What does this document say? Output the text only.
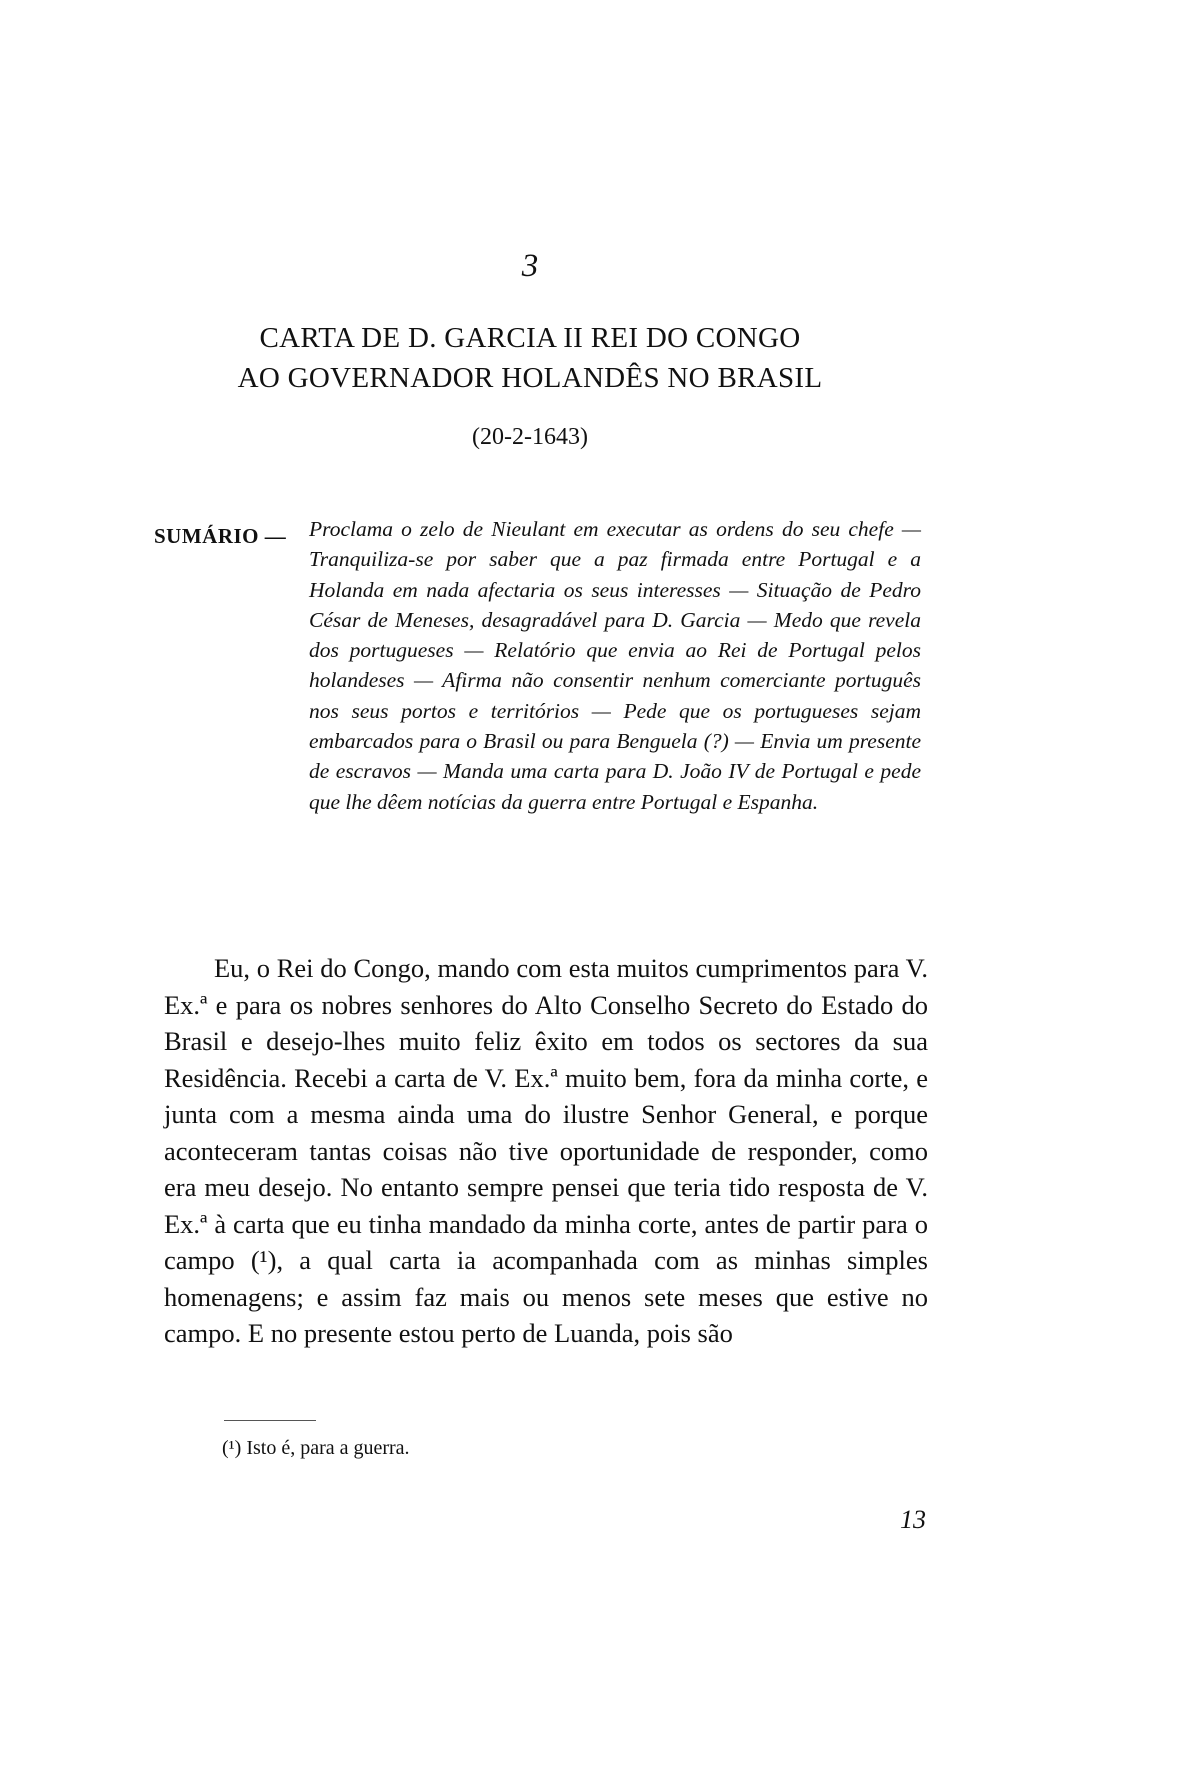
3
CARTA DE D. GARCIA II REI DO CONGO
AO GOVERNADOR HOLANDÊS NO BRASIL
(20-2-1643)
SUMÁRIO — Proclama o zelo de Nieulant em executar as ordens do seu chefe — Tranquiliza-se por saber que a paz firmada entre Portugal e a Holanda em nada afectaria os seus interesses — Situação de Pedro César de Meneses, desagradável para D. Garcia — Medo que revela dos portugueses — Relatório que envia ao Rei de Portugal pelos holandeses — Afirma não consentir nenhum comerciante português nos seus portos e territórios — Pede que os portugueses sejam embarcados para o Brasil ou para Benguela (?) — Envia um presente de escravos — Manda uma carta para D. João IV de Portugal e pede que lhe dêem notícias da guerra entre Portugal e Espanha.

Eu, o Rei do Congo, mando com esta muitos cumprimentos para V. Ex.ª e para os nobres senhores do Alto Conselho Secreto do Estado do Brasil e desejo-lhes muito feliz êxito em todos os sectores da sua Residência. Recebi a carta de V. Ex.ª muito bem, fora da minha corte, e junta com a mesma ainda uma do ilustre Senhor General, e porque aconteceram tantas coisas não tive oportunidade de responder, como era meu desejo. No entanto sempre pensei que teria tido resposta de V. Ex.ª à carta que eu tinha mandado da minha corte, antes de partir para o campo (¹), a qual carta ia acompanhada com as minhas simples homenagens; e assim faz mais ou menos sete meses que estive no campo. E no presente estou perto de Luanda, pois são

(¹) Isto é, para a guerra.
13
